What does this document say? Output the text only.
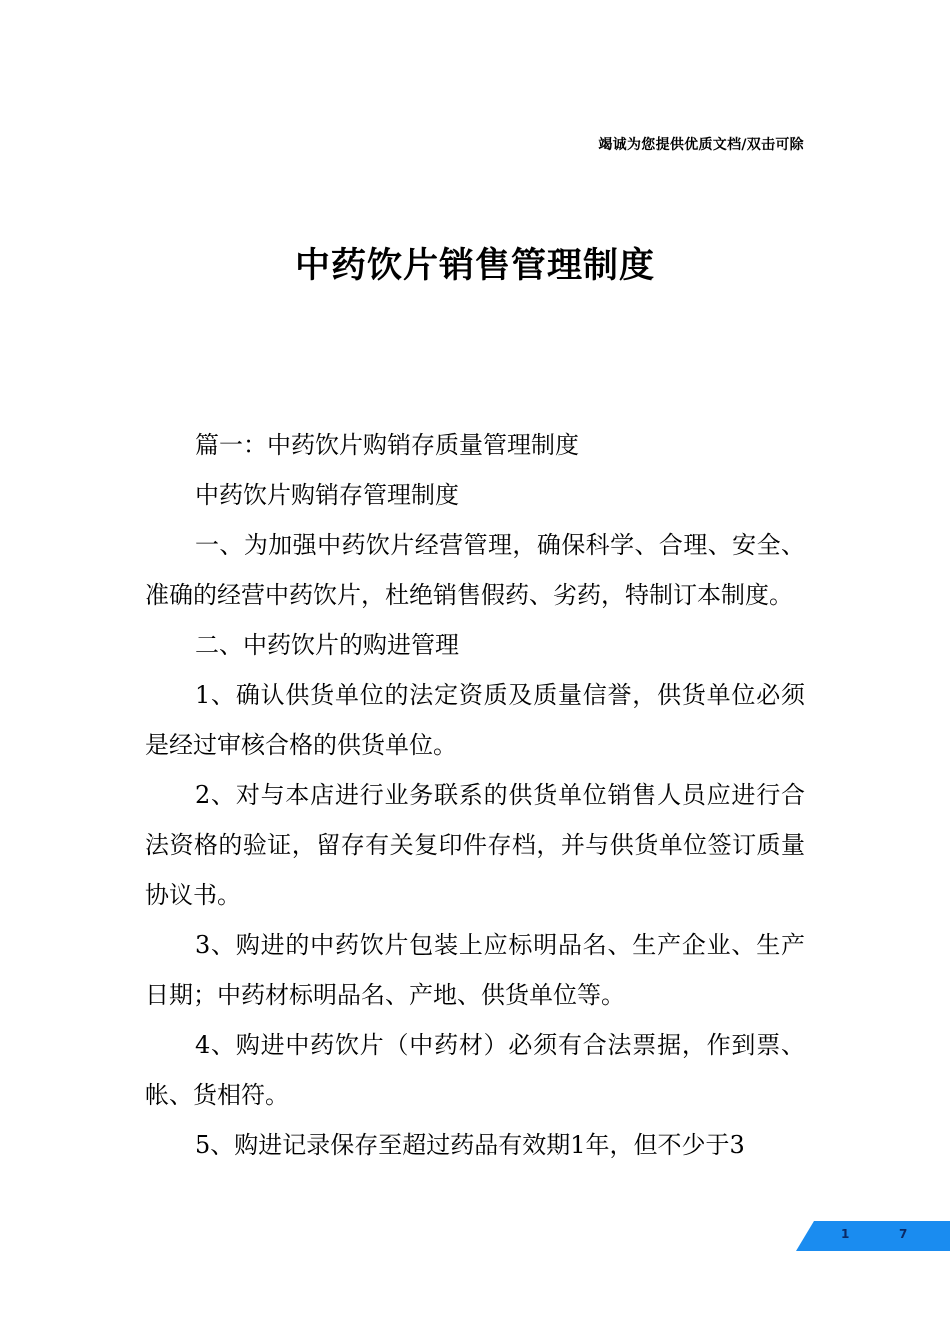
竭诚为您提供优质文档/双击可除
中药饮片销售管理制度

篇一：中药饮片购销存质量管理制度

中药饮片购销存管理制度

一、为加强中药饮片经营管理，确保科学、合理、安全、准确的经营中药饮片，杜绝销售假药、劣药，特制订本制度。

二、中药饮片的购进管理

1、确认供货单位的法定资质及质量信誉，供货单位必须是经过审核合格的供货单位。

2、对与本店进行业务联系的供货单位销售人员应进行合法资格的验证，留存有关复印件存档，并与供货单位签订质量协议书。

3、购进的中药饮片包装上应标明品名、生产企业、生产日期；中药材标明品名、产地、供货单位等。

4、购进中药饮片（中药材）必须有合法票据，作到票、帐、货相符。

5、购进记录保存至超过药品有效期1年，但不少于3

1	7
